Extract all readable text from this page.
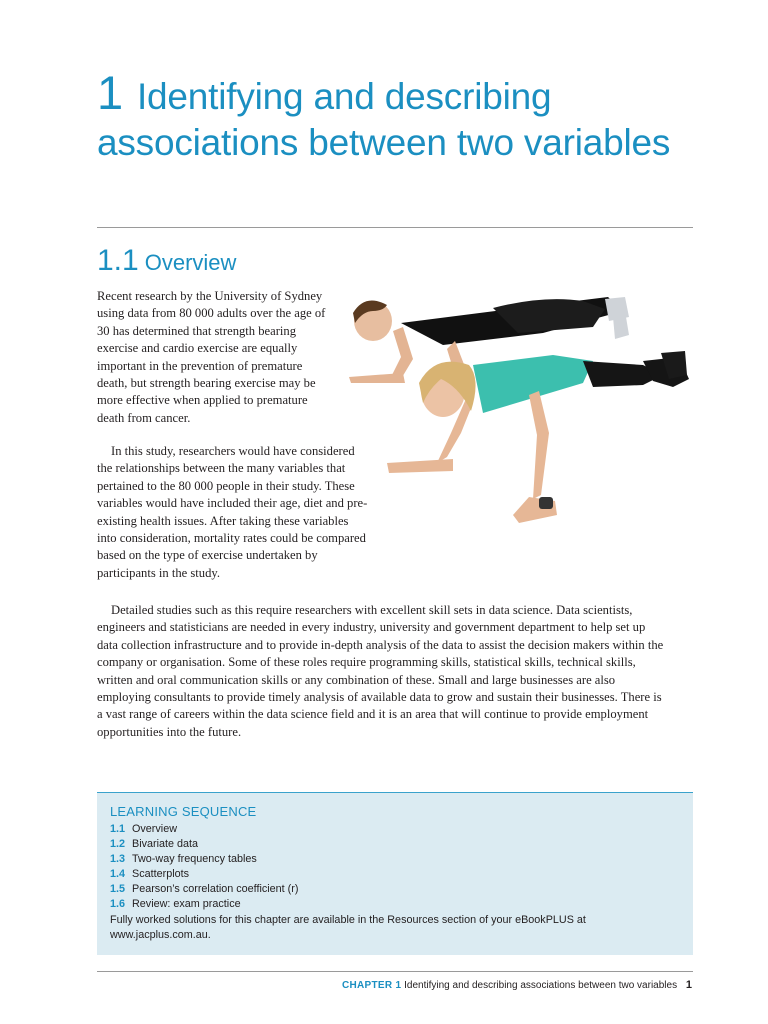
1 Identifying and describing associations between two variables
1.1 Overview

Recent research by the University of Sydney using data from 80 000 adults over the age of 30 has determined that strength bearing exercise and cardio exercise are equally important in the prevention of premature death, but strength bearing exercise may be more effective when applied to premature death from cancer.

In this study, researchers would have considered the relationships between the many variables that pertained to the 80 000 people in their study. These variables would have included their age, diet and pre-existing health issues. After taking these variables into consideration, mortality rates could be compared based on the type of exercise undertaken by participants in the study.

Detailed studies such as this require researchers with excellent skill sets in data science. Data scientists, engineers and statisticians are needed in every industry, university and government department to help set up data collection infrastructure and to provide in-depth analysis of the data to assist the decision makers within the company or organisation. Some of these roles require programming skills, statistical skills, technical skills, written and oral communication skills or any combination of these. Small and large businesses are also employing consultants to provide timely analysis of available data to grow and sustain their businesses. There is a vast range of careers within the data science field and it is an area that will continue to provide employment opportunities into the future.

LEARNING SEQUENCE
1.1 Overview
1.2 Bivariate data
1.3 Two-way frequency tables
1.4 Scatterplots
1.5 Pearson’s correlation coefficient (r)
1.6 Review: exam practice

Fully worked solutions for this chapter are available in the Resources section of your eBookPLUS at www.jacplus.com.au.

CHAPTER 1 Identifying and describing associations between two variables 1
